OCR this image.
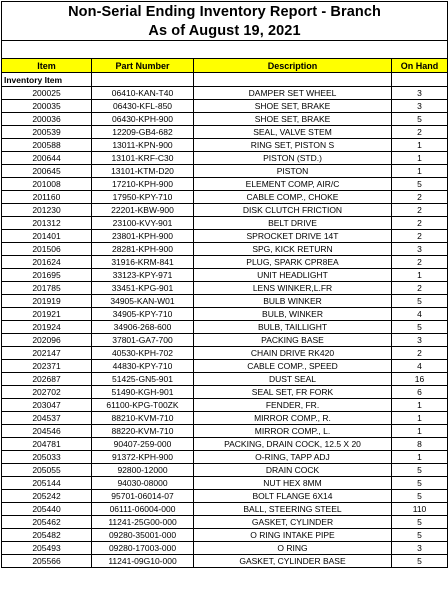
Non-Serial Ending Inventory Report - Branch			
As of August 19, 2021			

Item	Part Number	Description	On Hand
Inventory Item			
200025	06410-KAN-T40	DAMPER SET WHEEL	3
200035	06430-KFL-850	SHOE SET, BRAKE	3
200036	06430-KPH-900	SHOE SET, BRAKE	5
200539	12209-GB4-682	SEAL, VALVE STEM	2
200588	13011-KPN-900	RING SET, PISTON S	1
200644	13101-KRF-C30	PISTON (STD.)	1
200645	13101-KTM-D20	PISTON	1
201008	17210-KPH-900	ELEMENT COMP, AIR/C	5
201160	17950-KPY-710	CABLE COMP., CHOKE	2
201230	22201-KBW-900	DISK CLUTCH FRICTION	2
201312	23100-KVY-901	BELT DRIVE	2
201401	23801-KPH-900	SPROCKET DRIVE 14T	2
201506	28281-KPH-900	SPG, KICK RETURN	3
201624	31916-KRM-841	PLUG, SPARK CPR8EA	2
201695	33123-KPY-971	UNIT HEADLIGHT	1
201785	33451-KPG-901	LENS WINKER,L.FR	2
201919	34905-KAN-W01	BULB WINKER	5
201921	34905-KPY-710	BULB, WINKER	4
201924	34906-268-600	BULB, TAILLIGHT	5
202096	37801-GA7-700	PACKING BASE	3
202147	40530-KPH-702	CHAIN DRIVE RK420	2
202371	44830-KPY-710	CABLE COMP., SPEED	4
202687	51425-GN5-901	DUST SEAL	16
202702	51490-KGH-901	SEAL SET, FR FORK	6
203047	61100-KPG-T00ZK	FENDER, FR.	1
204537	88210-KVM-710	MIRROR COMP., R.	1
204546	88220-KVM-710	MIRROR COMP., L.	1
204781	90407-259-000	PACKING, DRAIN COCK, 12.5 X 20	8
205033	91372-KPH-900	O-RING, TAPP ADJ	1
205055	92800-12000	DRAIN COCK	5
205144	94030-08000	NUT HEX 8MM	5
205242	95701-06014-07	BOLT FLANGE 6X14	5
205440	06111-06004-000	BALL, STEERING STEEL	110
205462	11241-25G00-000	GASKET, CYLINDER	5
205482	09280-35001-000	O RING INTAKE PIPE	5
205493	09280-17003-000	O RING	3
205566	11241-09G10-000	GASKET, CYLINDER BASE	5
